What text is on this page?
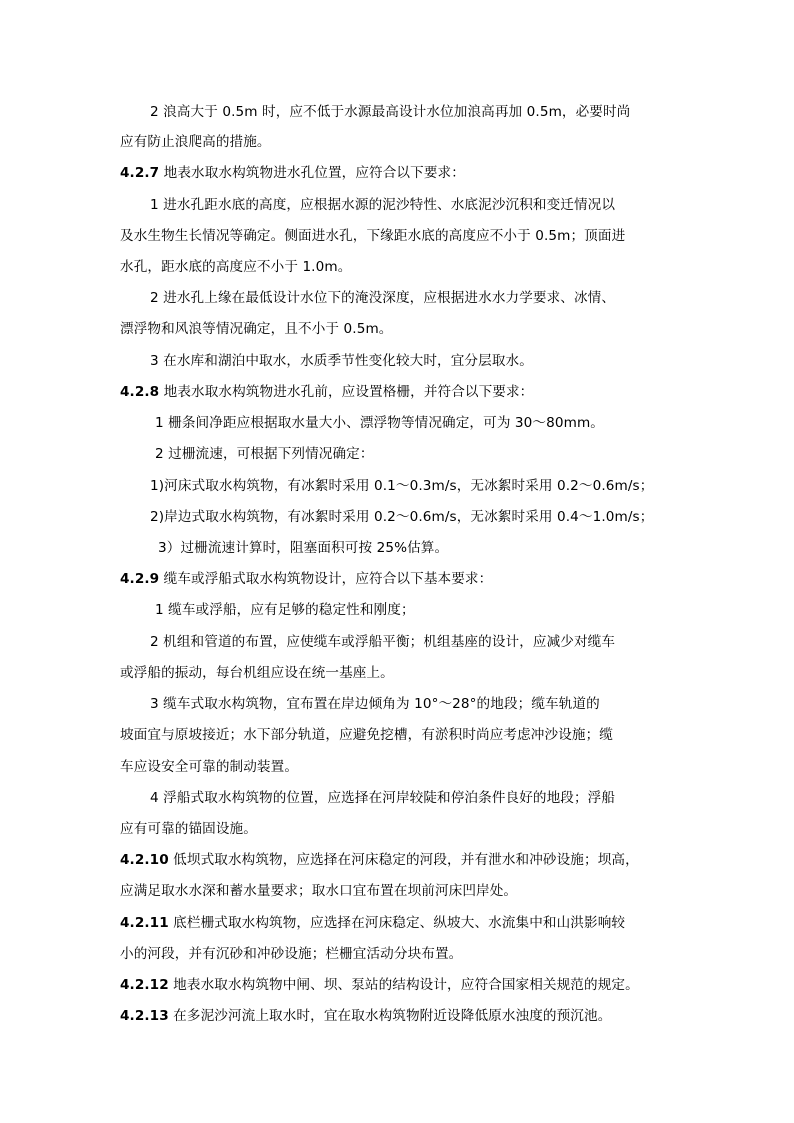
2 浪高大于 0.5m 时，应不低于水源最高设计水位加浪高再加 0.5m，必要时尚
应有防止浪爬高的措施。
4.2.7 地表水取水构筑物进水孔位置，应符合以下要求：
1 进水孔距水底的高度，应根据水源的泥沙特性、水底泥沙沉积和变迁情况以
及水生物生长情况等确定。侧面进水孔，下缘距水底的高度应不小于 0.5m；顶面进
水孔，距水底的高度应不小于 1.0m。
2 进水孔上缘在最低设计水位下的淹没深度，应根据进水水力学要求、冰情、
漂浮物和风浪等情况确定，且不小于 0.5m。
3 在水库和湖泊中取水，水质季节性变化较大时，宜分层取水。
4.2.8 地表水取水构筑物进水孔前，应设置格栅，并符合以下要求：
1 栅条间净距应根据取水量大小、漂浮物等情况确定，可为 30～80mm。
2 过栅流速，可根据下列情况确定：
1)河床式取水构筑物，有冰絮时采用 0.1～0.3m/s，无冰絮时采用 0.2～0.6m/s；
2)岸边式取水构筑物，有冰絮时采用 0.2～0.6m/s，无冰絮时采用 0.4～1.0m/s；
3）过栅流速计算时，阻塞面积可按 25%估算。
4.2.9 缆车或浮船式取水构筑物设计，应符合以下基本要求：
1 缆车或浮船，应有足够的稳定性和刚度；
2 机组和管道的布置，应使缆车或浮船平衡；机组基座的设计，应减少对缆车
或浮船的振动，每台机组应设在统一基座上。
3 缆车式取水构筑物，宜布置在岸边倾角为 10°～28°的地段；缆车轨道的
坡面宜与原坡接近；水下部分轨道，应避免挖槽，有淤积时尚应考虑冲沙设施；缆
车应设安全可靠的制动装置。
4 浮船式取水构筑物的位置，应选择在河岸较陡和停泊条件良好的地段；浮船
应有可靠的锚固设施。
4.2.10 低坝式取水构筑物，应选择在河床稳定的河段，并有泄水和冲砂设施；坝高，
应满足取水水深和蓄水量要求；取水口宜布置在坝前河床凹岸处。
4.2.11 底栏栅式取水构筑物，应选择在河床稳定、纵坡大、水流集中和山洪影响较
小的河段，并有沉砂和冲砂设施；栏栅宜活动分块布置。
4.2.12 地表水取水构筑物中闸、坝、泵站的结构设计，应符合国家相关规范的规定。
4.2.13 在多泥沙河流上取水时，宜在取水构筑物附近设降低原水浊度的预沉池。
